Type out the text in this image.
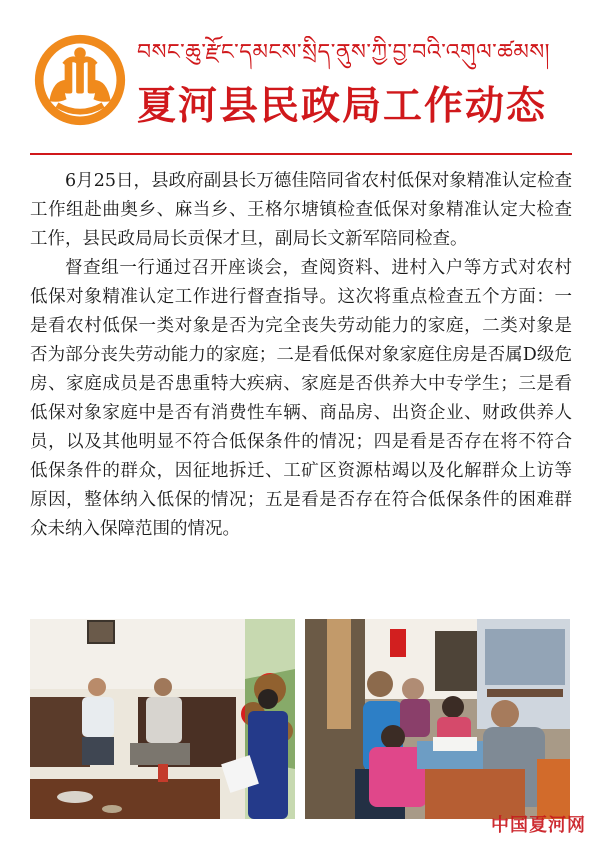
བསང་ཆུ་རྫོང་དམངས་སྲིད་ནུས་ཀྱི་བྱ་བའི་འགུལ་ཚམས།
夏河县民政局工作动态

6月25日，县政府副县长万德佳陪同省农村低保对象精准认定检查工作组赴曲奥乡、麻当乡、王格尔塘镇检查低保对象精准认定大检查工作，县民政局局长贡保才旦，副局长文新军陪同检查。

督查组一行通过召开座谈会，查阅资料、进村入户等方式对农村低保对象精准认定工作进行督查指导。这次将重点检查五个方面：一是看农村低保一类对象是否为完全丧失劳动能力的家庭，二类对象是否为部分丧失劳动能力的家庭；二是看低保对象家庭住房是否属D级危房、家庭成员是否患重特大疾病、家庭是否供养大中专学生；三是看低保对象家庭中是否有消费性车辆、商品房、出资企业、财政供养人员，以及其他明显不符合低保条件的情况；四是看是否存在将不符合低保条件的群众，因征地拆迁、工矿区资源枯竭以及化解群众上访等原因，整体纳入低保的情况；五是看是否存在符合低保条件的困难群众未纳入保障范围的情况。

中国夏河网
